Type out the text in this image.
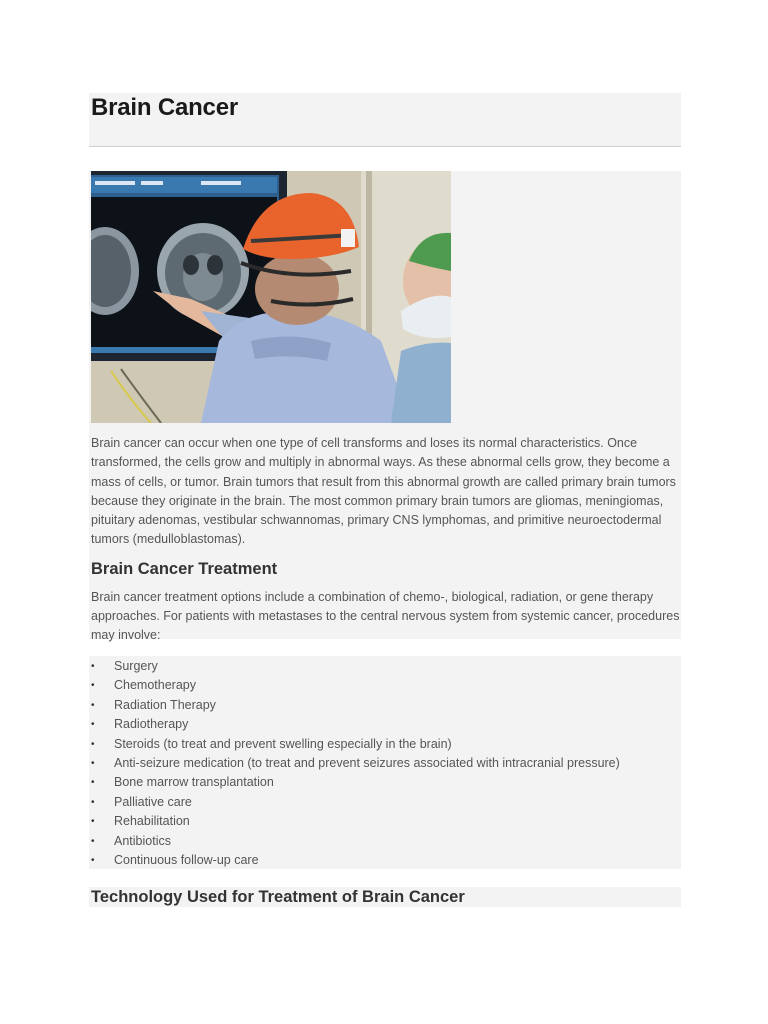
Brain Cancer

Brain cancer can occur when one type of cell transforms and loses its normal characteristics. Once transformed, the cells grow and multiply in abnormal ways. As these abnormal cells grow, they become a mass of cells, or tumor. Brain tumors that result from this abnormal growth are called primary brain tumors because they originate in the brain. The most common primary brain tumors are gliomas, meningiomas, pituitary adenomas, vestibular schwannomas, primary CNS lymphomas, and primitive neuroectodermal tumors (medulloblastomas).

Brain Cancer Treatment

Brain cancer treatment options include a combination of chemo-, biological, radiation, or gene therapy approaches. For patients with metastases to the central nervous system from systemic cancer, procedures may involve:

• Surgery
• Chemotherapy
• Radiation Therapy
• Radiotherapy
• Steroids (to treat and prevent swelling especially in the brain)
• Anti-seizure medication (to treat and prevent seizures associated with intracranial pressure)
• Bone marrow transplantation
• Palliative care
• Rehabilitation
• Antibiotics
• Continuous follow-up care
Technology Used for Treatment of Brain Cancer
